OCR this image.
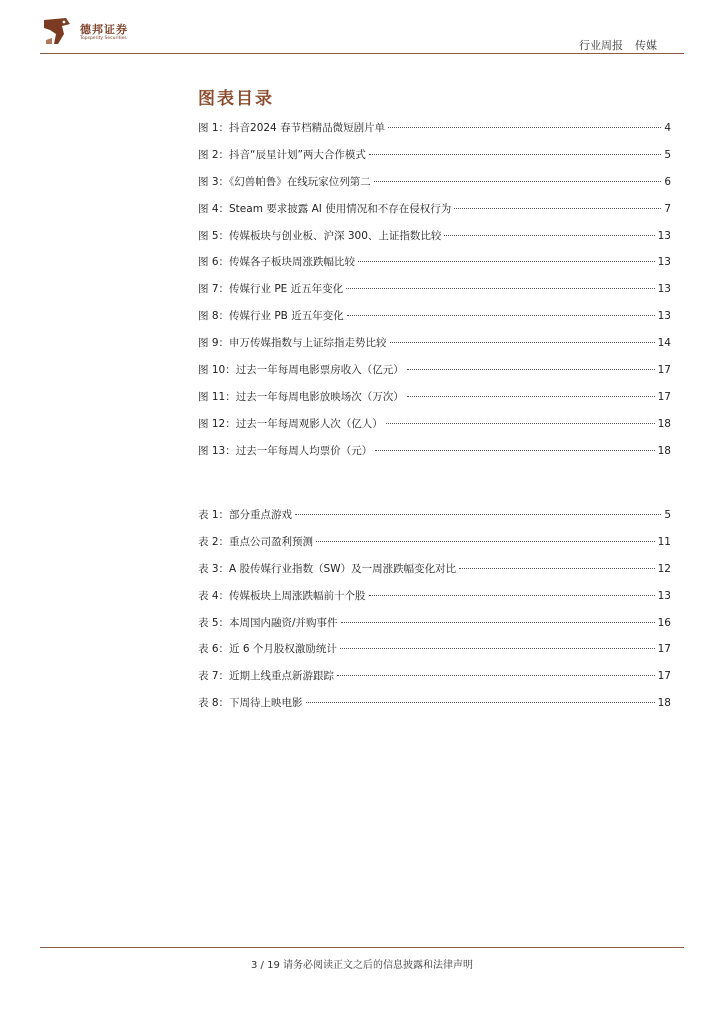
德邦证券
Topsperity Securities
行业周报 传媒
图表目录
图 1：抖音2024 春节档精品微短剧片单	4
图 2：抖音“辰星计划”两大合作模式	5
图 3：《幻兽帕鲁》在线玩家位列第二	6
图 4：Steam 要求披露 AI 使用情况和不存在侵权行为	7
图 5：传媒板块与创业板、沪深 300、上证指数比较	13
图 6：传媒各子板块周涨跌幅比较	13
图 7：传媒行业 PE 近五年变化	13
图 8：传媒行业 PB 近五年变化	13
图 9：申万传媒指数与上证综指走势比较	14
图 10：过去一年每周电影票房收入（亿元）	17
图 11：过去一年每周电影放映场次（万次）	17
图 12：过去一年每周观影人次（亿人）	18
图 13：过去一年每周人均票价（元）	18
表 1：部分重点游戏	5
表 2：重点公司盈利预测	11
表 3：A 股传媒行业指数（SW）及一周涨跌幅变化对比	12
表 4：传媒板块上周涨跌幅前十个股	13
表 5：本周国内融资/并购事件	16
表 6：近 6 个月股权激励统计	17
表 7：近期上线重点新游跟踪	17
表 8：下周待上映电影	18
3 / 19 请务必阅读正文之后的信息披露和法律声明
